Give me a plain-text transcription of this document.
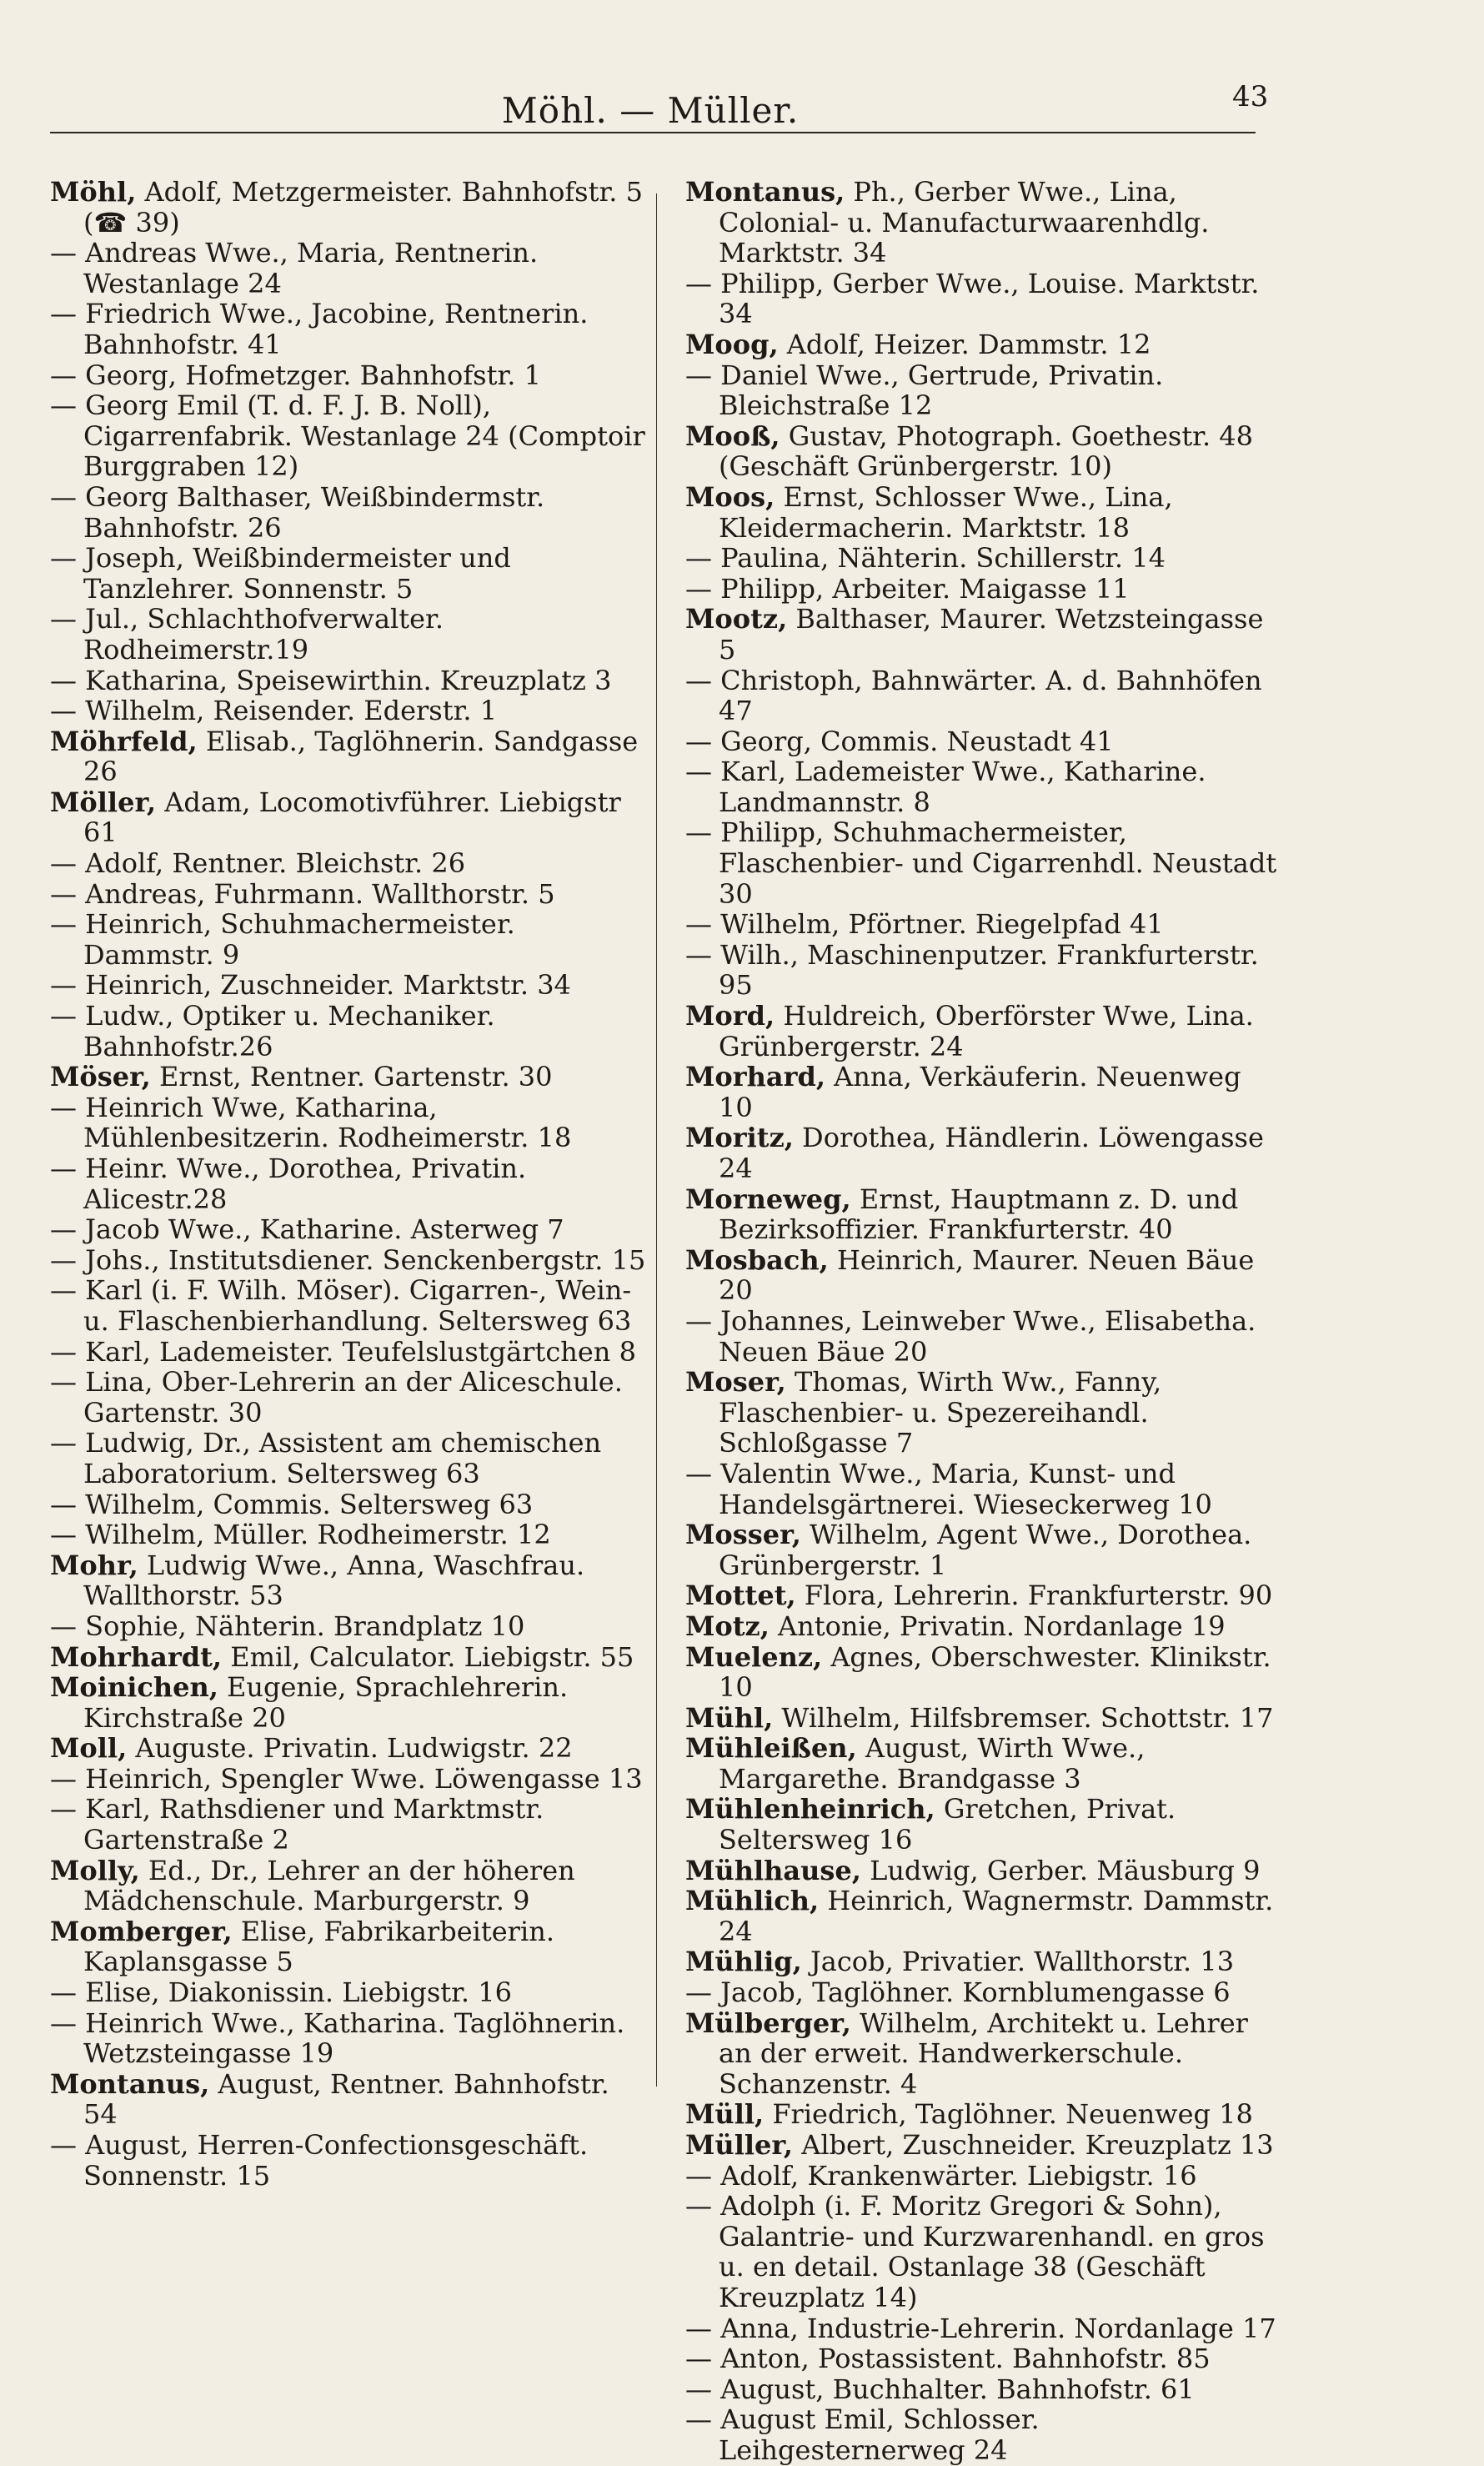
Möhl. — Müller.	43

Möhl, Adolf, Metzgermeister. Bahnhofstr. 5 (☎ 39)

— Andreas Wwe., Maria, Rentnerin. Westanlage 24

— Friedrich Wwe., Jacobine, Rentnerin. Bahnhofstr. 41

— Georg, Hofmetzger. Bahnhofstr. 1

— Georg Emil (T. d. F. J. B. Noll), Cigarrenfabrik. Westanlage 24 (Comptoir Burggraben 12)

— Georg Balthaser, Weißbindermstr. Bahnhofstr. 26

— Joseph, Weißbindermeister und Tanzlehrer. Sonnenstr. 5

— Jul., Schlachthofverwalter. Rodheimerstr.19

— Katharina, Speisewirthin. Kreuzplatz 3

— Wilhelm, Reisender. Ederstr. 1

Möhrfeld, Elisab., Taglöhnerin. Sandgasse 26

Möller, Adam, Locomotivführer. Liebigstr 61

— Adolf, Rentner. Bleichstr. 26

— Andreas, Fuhrmann. Wallthorstr. 5

— Heinrich, Schuhmachermeister. Dammstr. 9

— Heinrich, Zuschneider. Marktstr. 34

— Ludw., Optiker u. Mechaniker. Bahnhofstr.26

Möser, Ernst, Rentner. Gartenstr. 30

— Heinrich Wwe, Katharina, Mühlenbesitzerin. Rodheimerstr. 18

— Heinr. Wwe., Dorothea, Privatin. Alicestr.28

— Jacob Wwe., Katharine. Asterweg 7

— Johs., Institutsdiener. Senckenbergstr. 15

— Karl (i. F. Wilh. Möser). Cigarren-, Wein- u. Flaschenbierhandlung. Seltersweg 63

— Karl, Lademeister. Teufelslustgärtchen 8

— Lina, Ober-Lehrerin an der Aliceschule. Gartenstr. 30

— Ludwig, Dr., Assistent am chemischen Laboratorium. Seltersweg 63

— Wilhelm, Commis. Seltersweg 63

— Wilhelm, Müller. Rodheimerstr. 12

Mohr, Ludwig Wwe., Anna, Waschfrau. Wallthorstr. 53

— Sophie, Nähterin. Brandplatz 10

Mohrhardt, Emil, Calculator. Liebigstr. 55

Moinichen, Eugenie, Sprachlehrerin. Kirchstraße 20

Moll, Auguste. Privatin. Ludwigstr. 22

— Heinrich, Spengler Wwe. Löwengasse 13

— Karl, Rathsdiener und Marktmstr. Gartenstraße 2

Molly, Ed., Dr., Lehrer an der höheren Mädchenschule. Marburgerstr. 9

Momberger, Elise, Fabrikarbeiterin. Kaplansgasse 5

— Elise, Diakonissin. Liebigstr. 16

— Heinrich Wwe., Katharina. Taglöhnerin. Wetzsteingasse 19

Montanus, August, Rentner. Bahnhofstr. 54

— August, Herren-Confectionsgeschäft. Sonnenstr. 15

Montanus, Ph., Gerber Wwe., Lina, Colonial- u. Manufacturwaarenhdlg. Marktstr. 34

— Philipp, Gerber Wwe., Louise. Marktstr. 34

Moog, Adolf, Heizer. Dammstr. 12

— Daniel Wwe., Gertrude, Privatin. Bleichstraße 12

Mooß, Gustav, Photograph. Goethestr. 48 (Geschäft Grünbergerstr. 10)

Moos, Ernst, Schlosser Wwe., Lina, Kleidermacherin. Marktstr. 18

— Paulina, Nähterin. Schillerstr. 14

— Philipp, Arbeiter. Maigasse 11

Mootz, Balthaser, Maurer. Wetzsteingasse 5

— Christoph, Bahnwärter. A. d. Bahnhöfen 47

— Georg, Commis. Neustadt 41

— Karl, Lademeister Wwe., Katharine. Landmannstr. 8

— Philipp, Schuhmachermeister, Flaschenbier- und Cigarrenhdl. Neustadt 30

— Wilhelm, Pförtner. Riegelpfad 41

— Wilh., Maschinenputzer. Frankfurterstr. 95

Mord, Huldreich, Oberförster Wwe, Lina. Grünbergerstr. 24

Morhard, Anna, Verkäuferin. Neuenweg 10

Moritz, Dorothea, Händlerin. Löwengasse 24

Morneweg, Ernst, Hauptmann z. D. und Bezirksoffizier. Frankfurterstr. 40

Mosbach, Heinrich, Maurer. Neuen Bäue 20

— Johannes, Leinweber Wwe., Elisabetha. Neuen Bäue 20

Moser, Thomas, Wirth Ww., Fanny, Flaschenbier- u. Spezereihandl. Schloßgasse 7

— Valentin Wwe., Maria, Kunst- und Handelsgärtnerei. Wieseckerweg 10

Mosser, Wilhelm, Agent Wwe., Dorothea. Grünbergerstr. 1

Mottet, Flora, Lehrerin. Frankfurterstr. 90

Motz, Antonie, Privatin. Nordanlage 19

Muelenz, Agnes, Oberschwester. Klinikstr. 10

Mühl, Wilhelm, Hilfsbremser. Schottstr. 17

Mühleißen, August, Wirth Wwe., Margarethe. Brandgasse 3

Mühlenheinrich, Gretchen, Privat. Seltersweg 16

Mühlhause, Ludwig, Gerber. Mäusburg 9

Mühlich, Heinrich, Wagnermstr. Dammstr. 24

Mühlig, Jacob, Privatier. Wallthorstr. 13

— Jacob, Taglöhner. Kornblumengasse 6

Mülberger, Wilhelm, Architekt u. Lehrer an der erweit. Handwerkerschule. Schanzenstr. 4

Müll, Friedrich, Taglöhner. Neuenweg 18

Müller, Albert, Zuschneider. Kreuzplatz 13

— Adolf, Krankenwärter. Liebigstr. 16

— Adolph (i. F. Moritz Gregori & Sohn), Galantrie- und Kurzwarenhandl. en gros u. en detail. Ostanlage 38 (Geschäft Kreuzplatz 14)

— Anna, Industrie-Lehrerin. Nordanlage 17

— Anton, Postassistent. Bahnhofstr. 85

— August, Buchhalter. Bahnhofstr. 61

— August Emil, Schlosser. Leihgesternerweg 24
